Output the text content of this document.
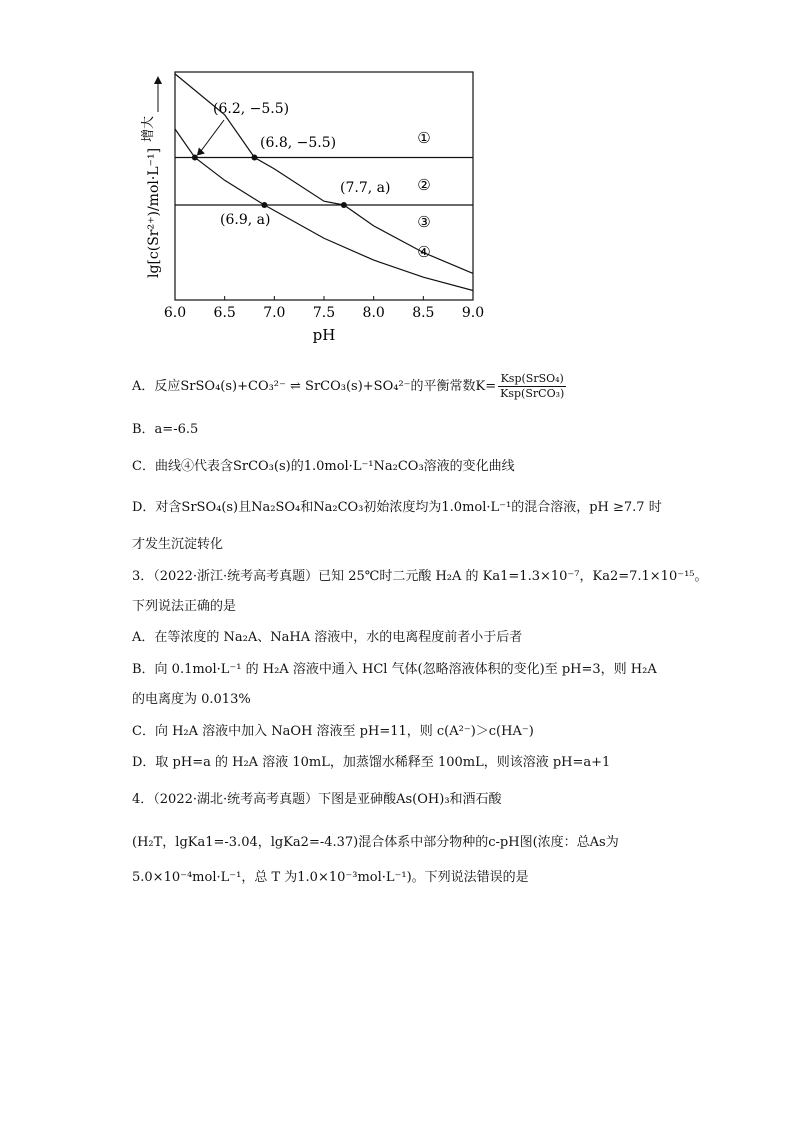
6.0 6.5 7.0 7.5 8.0 8.5 9.0
①
②
③
④
(6.2, −5.5)
(6.8, −5.5)
(7.7, a)
(6.9, a)
pH
lg[c(Sr²⁺)/mol·L⁻¹]
增大
A．反应SrSO₄(s)+CO₃²⁻ ⇌ SrCO₃(s)+SO₄²⁻的平衡常数$K= \frac{\text{Ksp(SrSO₄)}}{\text{Ksp(SrCO₃)}}$
B．a=-6.5
C．曲线④代表含SrCO₃(s)的1.0mol·L⁻¹Na₂CO₃溶液的变化曲线
D．对含SrSO₄(s)且Na₂SO₄和Na₂CO₃初始浓度均为1.0mol·L⁻¹的混合溶液，pH ≥7.7 时
才发生沉淀转化
3．（2022·浙江·统考高考真题）已知 25℃时二元酸 H₂A 的 Ka1=1.3×10⁻⁷，Ka2=7.1×10⁻¹⁵。
下列说法正确的是
A．在等浓度的 Na₂A、NaHA 溶液中，水的电离程度前者小于后者
B．向 0.1mol·L⁻¹ 的 H₂A 溶液中通入 HCl 气体(忽略溶液体积的变化)至 pH=3，则 H₂A
的电离度为 0.013%
C．向 H₂A 溶液中加入 NaOH 溶液至 pH=11，则 c(A²⁻)＞c(HA⁻)
D．取 pH=a 的 H₂A 溶液 10mL，加蒸馏水稀释至 100mL，则该溶液 pH=a+1
4．（2022·湖北·统考高考真题）下图是亚砷酸As(OH)₃和酒石酸
(H₂T，lgKa1=-3.04，lgKa2=-4.37)混合体系中部分物种的c-pH图(浓度：总As为
5.0×10⁻⁴mol·L⁻¹，总 T 为1.0×10⁻³mol·L⁻¹)。下列说法错误的是
